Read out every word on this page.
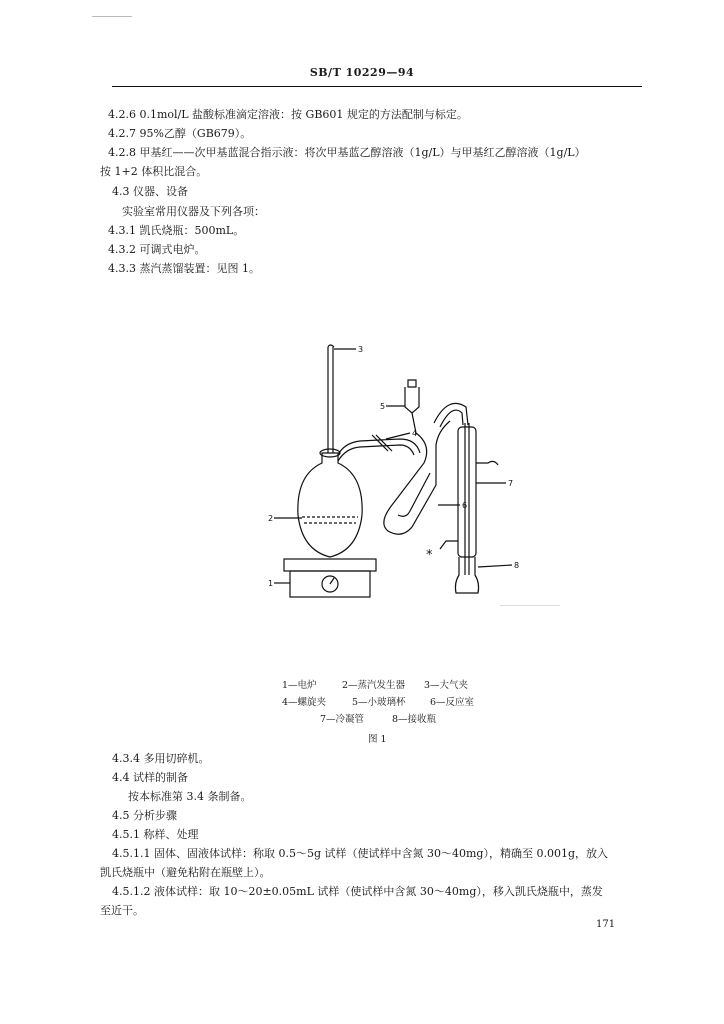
SB/T 10229—94
4.2.6 0.1mol/L 盐酸标准滴定溶液：按 GB601 规定的方法配制与标定。
4.2.7 95%乙醇（GB679）。
4.2.8 甲基红——次甲基蓝混合指示液：将次甲基蓝乙醇溶液（1g/L）与甲基红乙醇溶液（1g/L）
按 1+2 体积比混合。
4.3 仪器、设备
实验室常用仪器及下列各项：
4.3.1 凯氏烧瓶：500mL。
4.3.2 可调式电炉。
4.3.3 蒸汽蒸馏装置：见图 1。
3
2
1
4
5
6
7
8
*
1—电炉	2—蒸汽发生器 3—大气夹
4—螺旋夹	5—小玻璃杯	6—反应室
7—冷凝管	8—接收瓶
图 1
4.3.4 多用切碎机。
4.4 试样的制备
按本标准第 3.4 条制备。
4.5 分析步骤
4.5.1 称样、处理
4.5.1.1 固体、固液体试样：称取 0.5～5g 试样（使试样中含氮 30～40mg），精确至 0.001g，放入
凯氏烧瓶中（避免粘附在瓶壁上）。
4.5.1.2 液体试样：取 10～20±0.05mL 试样（使试样中含氮 30～40mg），移入凯氏烧瓶中，蒸发
至近干。
171
